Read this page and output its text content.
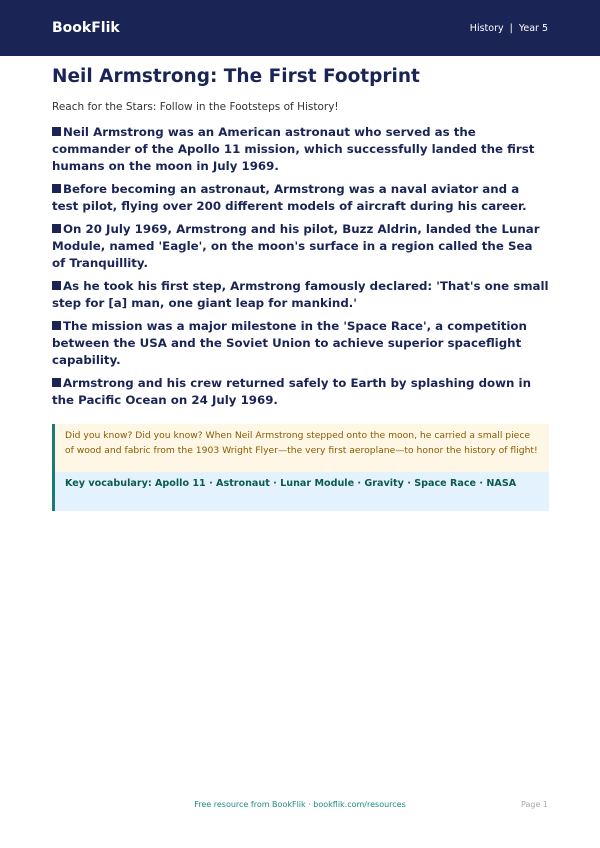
BookFlik	History | Year 5
Neil Armstrong: The First Footprint

Reach for the Stars: Follow in the Footsteps of History!

Neil Armstrong was an American astronaut who served as the commander of the Apollo 11 mission, which successfully landed the first humans on the moon in July 1969.
Before becoming an astronaut, Armstrong was a naval aviator and a test pilot, flying over 200 different models of aircraft during his career.
On 20 July 1969, Armstrong and his pilot, Buzz Aldrin, landed the Lunar Module, named 'Eagle', on the moon's surface in a region called the Sea of Tranquillity.
As he took his first step, Armstrong famously declared: 'That's one small step for [a] man, one giant leap for mankind.'
The mission was a major milestone in the 'Space Race', a competition between the USA and the Soviet Union to achieve superior spaceflight capability.
Armstrong and his crew returned safely to Earth by splashing down in the Pacific Ocean on 24 July 1969.
Did you know? Did you know? When Neil Armstrong stepped onto the moon, he carried a small piece of wood and fabric from the 1903 Wright Flyer—the very first aeroplane—to honor the history of flight!
Key vocabulary: Apollo 11 · Astronaut · Lunar Module · Gravity · Space Race · NASA
Free resource from BookFlik · bookflik.com/resources	Page 1
